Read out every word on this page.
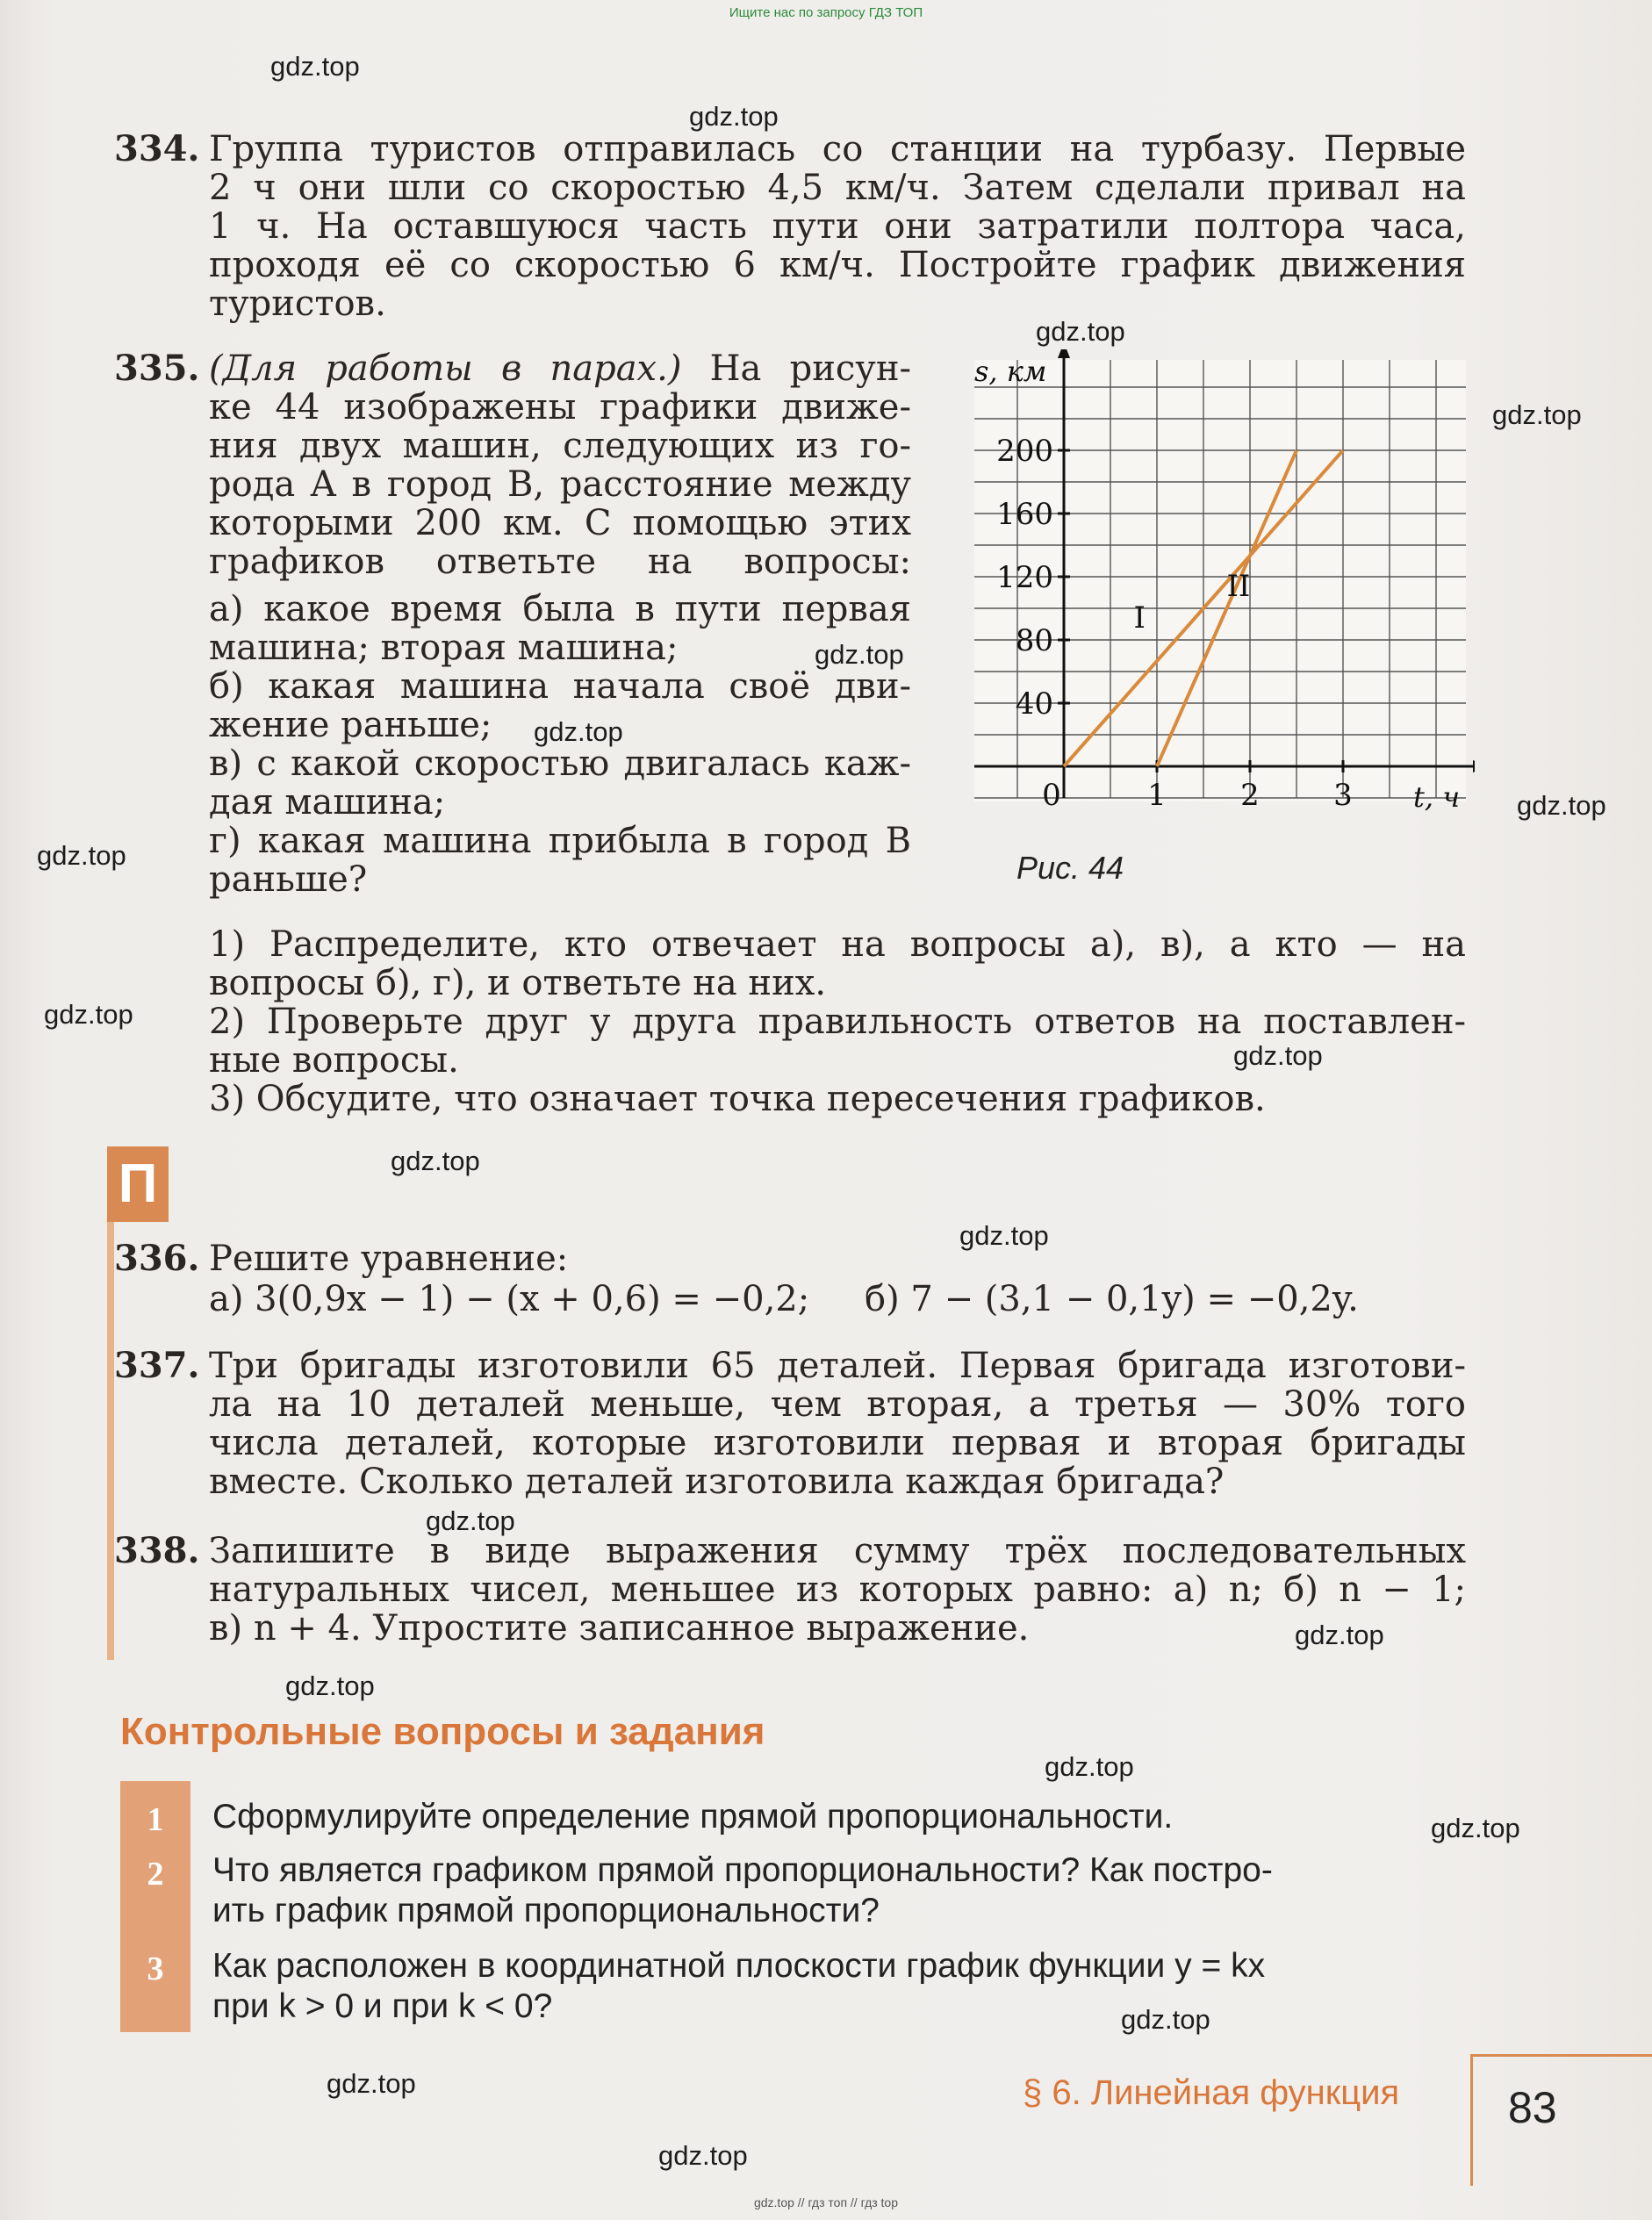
Ищите нас по запросу ГДЗ ТОП
gdz.top
gdz.top
gdz.top
gdz.top
gdz.top
gdz.top
gdz.top
gdz.top
gdz.top
gdz.top
gdz.top
gdz.top
gdz.top
gdz.top
gdz.top
gdz.top
gdz.top
gdz.top
gdz.top
gdz.top
334. Группа туристов отправилась со станции на турбазу. Первые
2 ч они шли со скоростью 4,5 км/ч. Затем сделали привал на
1 ч. На оставшуюся часть пути они затратили полтора часа,
проходя её со скоростью 6 км/ч. Постройте график движения
туристов.
335. (Для работы в парах.) На рисун-
ке 44 изображены графики движе-
ния двух машин, следующих из го-
рода A в город B, расстояние между
которыми 200 км. С помощью этих
графиков ответьте на вопросы:
а) какое время была в пути первая
машина; вторая машина;
б) какая машина начала своё дви-
жение раньше;
в) с какой скоростью двигалась каж-
дая машина;
г) какая машина прибыла в город B
раньше?
1) Распределите, кто отвечает на вопросы а), в), а кто — на
вопросы б), г), и ответьте на них.
2) Проверьте друг у друга правильность ответов на поставлен-
ные вопросы.
3) Обсудите, что означает точка пересечения графиков.
40
80
120
160
200
0	1 2 3
s, км
t, ч
I
II
Рис. 44
П
336. Решите уравнение:
а) 3(0,9x − 1) − (x + 0,6) = −0,2; б) 7 − (3,1 − 0,1y) = −0,2y.
337. Три бригады изготовили 65 деталей. Первая бригада изготови-
ла на 10 деталей меньше, чем вторая, а третья — 30% того
числа деталей, которые изготовили первая и вторая бригады
вместе. Сколько деталей изготовила каждая бригада?
338. Запишите в виде выражения сумму трёх последовательных
натуральных чисел, меньшее из которых равно: а) n; б) n − 1;
в) n + 4. Упростите записанное выражение.
Контрольные вопросы и задания
1
2
3
Сформулируйте определение прямой пропорциональности.
Что является графиком прямой пропорциональности? Как постро-
ить график прямой пропорциональности?
Как расположен в координатной плоскости график функции y = kx
при k > 0 и при k < 0?
§ 6. Линейная функция 83
gdz.top // гдз топ // гдз top
